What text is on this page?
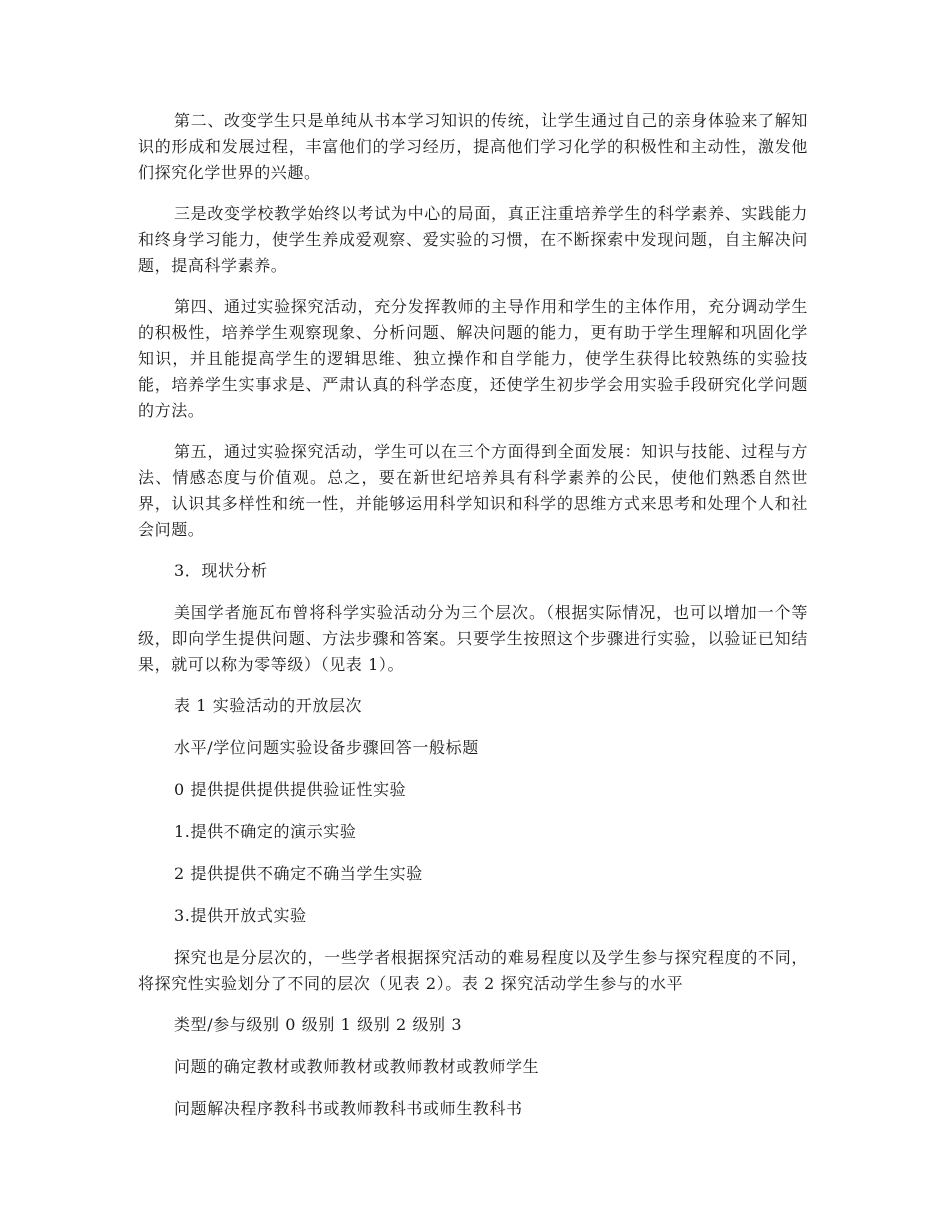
第二、改变学生只是单纯从书本学习知识的传统，让学生通过自己的亲身体验来了解知识的形成和发展过程，丰富他们的学习经历，提高他们学习化学的积极性和主动性，激发他们探究化学世界的兴趣。

三是改变学校教学始终以考试为中心的局面，真正注重培养学生的科学素养、实践能力和终身学习能力，使学生养成爱观察、爱实验的习惯，在不断探索中发现问题，自主解决问题，提高科学素养。

第四、通过实验探究活动，充分发挥教师的主导作用和学生的主体作用，充分调动学生的积极性，培养学生观察现象、分析问题、解决问题的能力，更有助于学生理解和巩固化学知识，并且能提高学生的逻辑思维、独立操作和自学能力，使学生获得比较熟练的实验技能，培养学生实事求是、严肃认真的科学态度，还使学生初步学会用实验手段研究化学问题的方法。

第五，通过实验探究活动，学生可以在三个方面得到全面发展：知识与技能、过程与方法、情感态度与价值观。总之，要在新世纪培养具有科学素养的公民，使他们熟悉自然世界，认识其多样性和统一性，并能够运用科学知识和科学的思维方式来思考和处理个人和社会问题。

3．现状分析

美国学者施瓦布曾将科学实验活动分为三个层次。（根据实际情况，也可以增加一个等级，即向学生提供问题、方法步骤和答案。只要学生按照这个步骤进行实验，以验证已知结果，就可以称为零等级）（见表 1）。

表 1 实验活动的开放层次

水平/学位问题实验设备步骤回答一般标题

0 提供提供提供提供验证性实验

1.提供不确定的演示实验

2 提供提供不确定不确当学生实验

3.提供开放式实验

探究也是分层次的，一些学者根据探究活动的难易程度以及学生参与探究程度的不同，将探究性实验划分了不同的层次（见表 2）。表 2 探究活动学生参与的水平

类型/参与级别 0 级别 1 级别 2 级别 3

问题的确定教材或教师教材或教师教材或教师学生

问题解决程序教科书或教师教科书或师生教科书
